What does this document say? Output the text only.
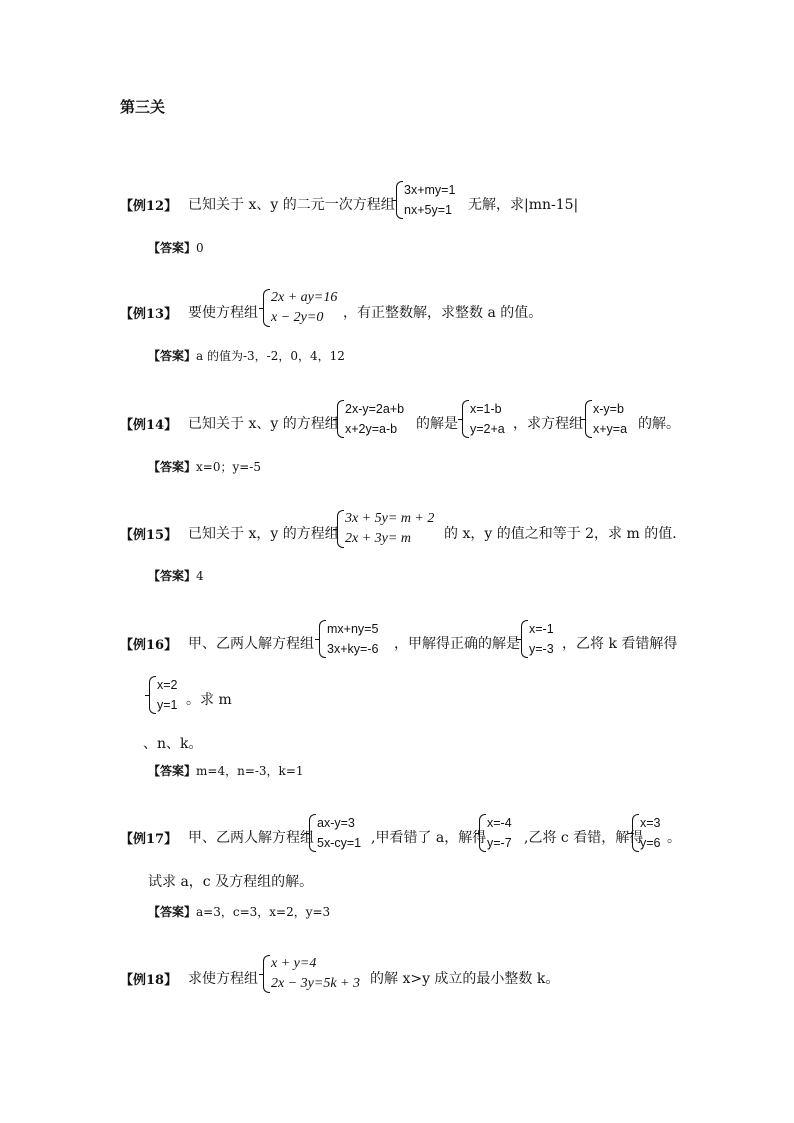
第三关
【例12】 已知关于 x、y 的二元一次方程组
3x+my=1
nx+5y=1 无解，求|mn-15|
【答案】0
【例13】 要使方程组
2x + ay=16
x − 2y=0	，有正整数解，求整数 a 的值。
【答案】a 的值为-3，-2，0，4，12
【例14】 已知关于 x、y 的方程组
2x-y=2a+b
x+2y=a-b	的解是
x=1-b
y=2+a ，求方程组
x-y=b
x+y=a 的解。
【答案】x=0；y=-5
【例15】 已知关于 x，y 的方程组
3x + 5y= m + 2
2x + 3y= m	的 x，y 的值之和等于 2，求 m 的值.
【答案】4
【例16】 甲、乙两人解方程组
mx+ny=5
3x+ky=-6 ，甲解得正确的解是
x=-1
y=-3 ，乙将 k 看错解得
x=2
y=1 。求 m
、n、k。
【答案】m=4，n=-3，k=1
【例17】 甲、乙两人解方程组
ax-y=3
5x-cy=1 ,甲看错了 a，解得
x=-4
y=-7 ,乙将 c 看错，解得
x=3
y=6 。
试求 a，c 及方程组的解。
【答案】a=3，c=3，x=2，y=3
【例18】 求使方程组
x + y=4
2x − 3y=5k + 3 的解 x>y 成立的最小整数 k。
